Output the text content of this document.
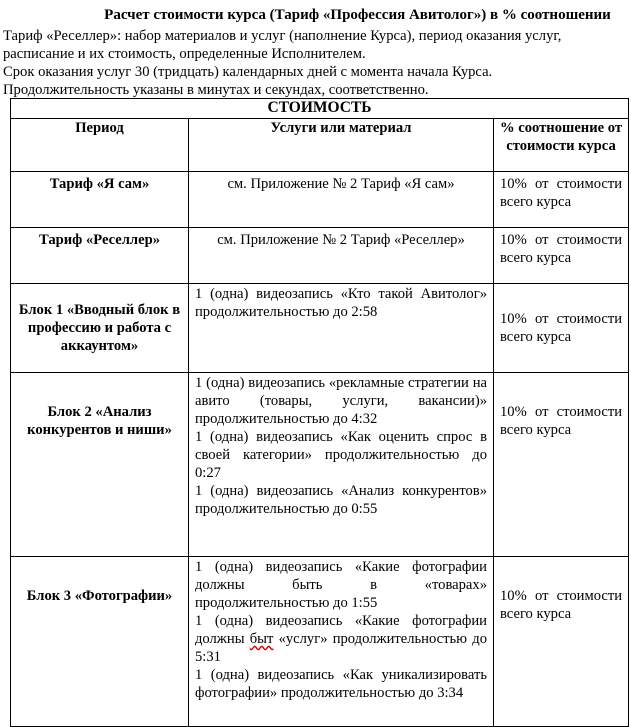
Расчет стоимости курса (Тариф «Профессия Авитолог») в % соотношении

Тариф «Реселлер»: набор материалов и услуг (наполнение Курса), период оказания услуг, расписание и их стоимость, определенные Исполнителем.

Срок оказания услуг 30 (тридцать) календарных дней с момента начала Курса.

Продолжительность указаны в минутах и секундах, соответственно.

СТОИМОСТЬ		
Период	Услуги или материал	% соотношение от стоимости курса
Тариф «Я сам»	см. Приложение № 2 Тариф «Я сам»	10% от стоимости всего курса
Тариф «Реселлер»	см. Приложение № 2 Тариф «Реселлер»	10% от стоимости всего курса
Блок 1 «Вводный блок в профессию и работа с аккаунтом»	1 (одна) видеозапись «Кто такой Авитолог» продолжительностью до 2:58	10% от стоимости всего курса
Блок 2 «Анализ конкурентов и ниши»	1 (одна) видеозапись «рекламные стратегии на авито (товары, услуги, вакансии)» продолжительностью до 4:32
1 (одна) видеозапись «Как оценить спрос в своей категории» продолжительностью до 0:27
1 (одна) видеозапись «Анализ конкурентов» продолжительностью до 0:55	10% от стоимости всего курса
Блок 3 «Фотографии»	1 (одна) видеозапись «Какие фотографии должны быть в «товарах» продолжительностью до 1:55
1 (одна) видеозапись «Какие фотографии должны быт «услуг» продолжительностью до 5:31
1 (одна) видеозапись «Как уникализировать фотографии» продолжительностью до 3:34	10% от стоимости всего курса
